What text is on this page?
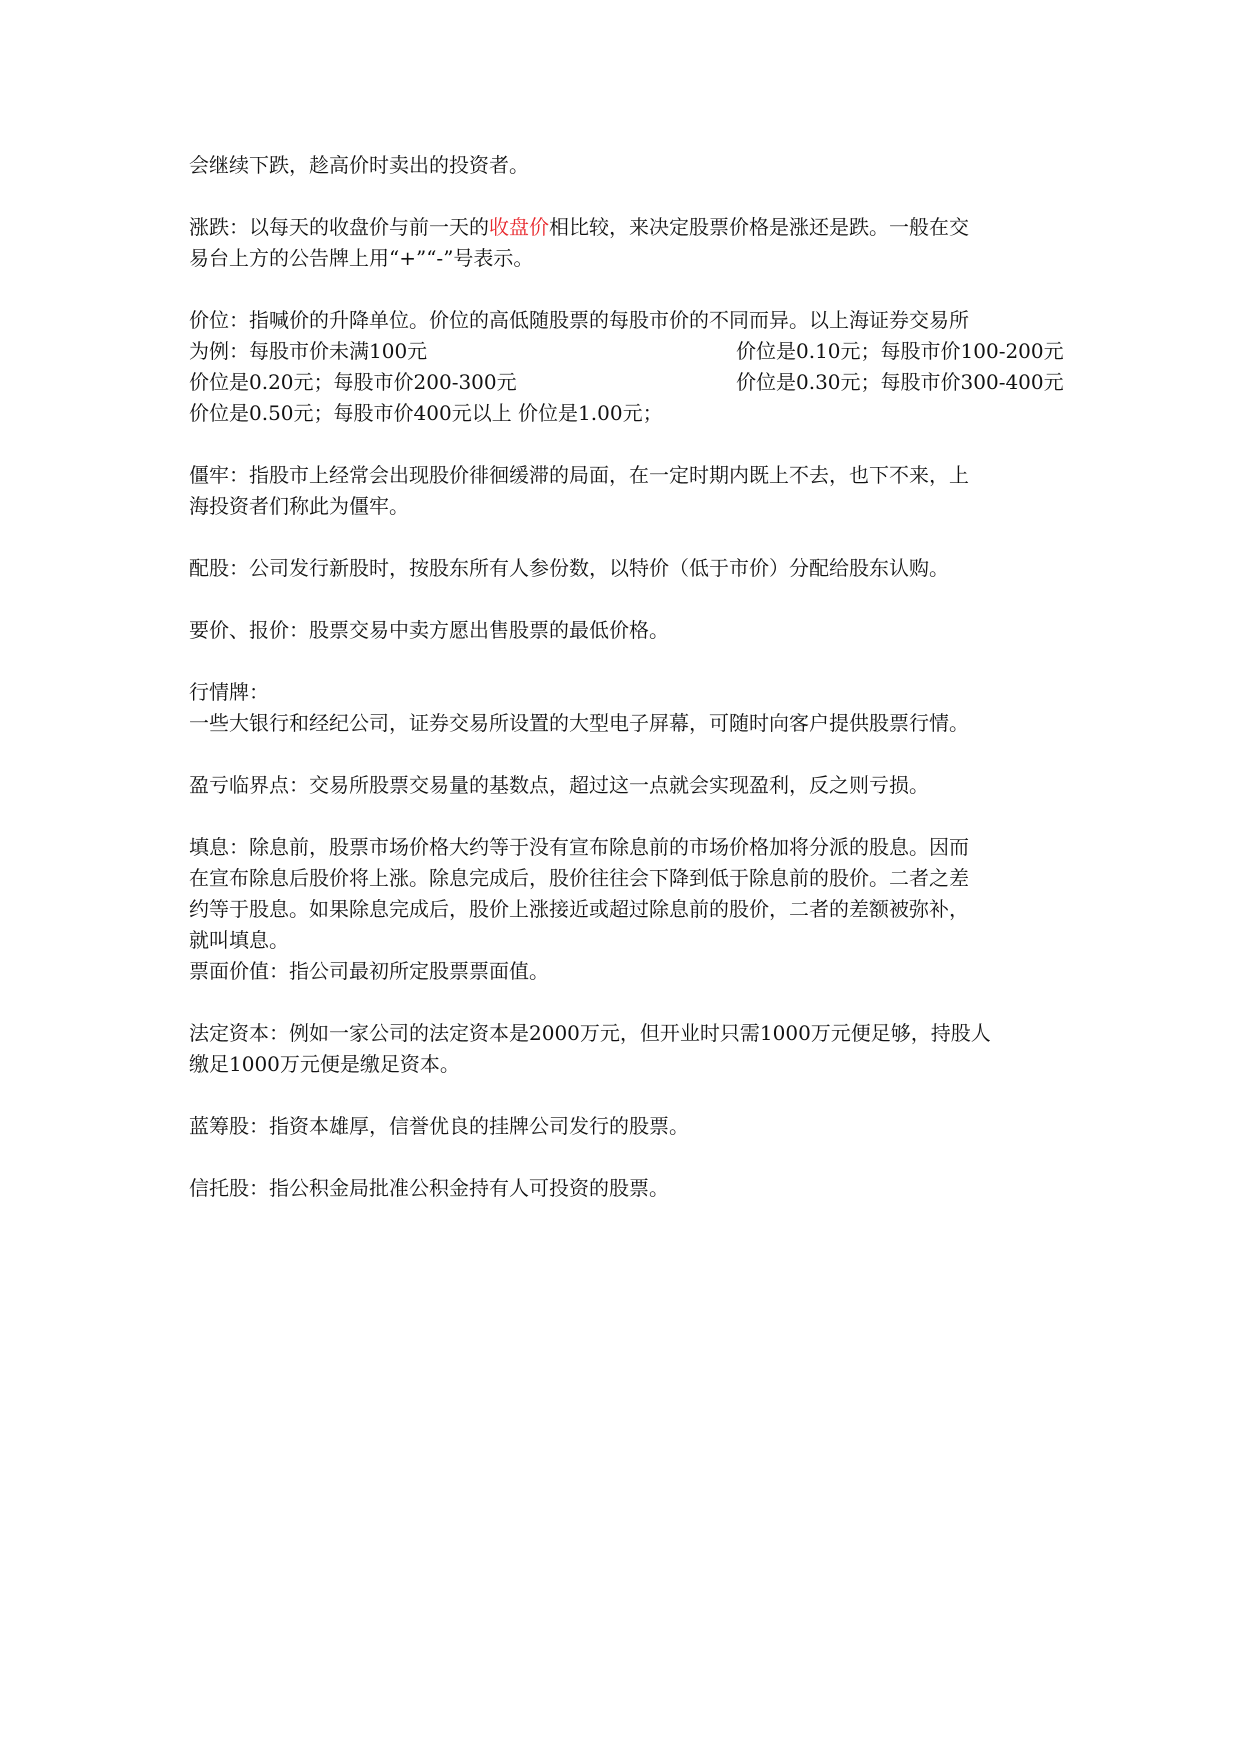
会继续下跌，趁高价时卖出的投资者。

涨跌：以每天的收盘价与前一天的收盘价相比较，来决定股票价格是涨还是跌。一般在交
易台上方的公告牌上用“+”“-”号表示。

价位：指喊价的升降单位。价位的高低随股票的每股市价的不同而异。以上海证券交易所
为例：每股市价未满100元	价位是0.10元；每股市价100-200元
价位是0.20元；每股市价200-300元	价位是0.30元；每股市价300-400元
价位是0.50元；每股市价400元以上 价位是1.00元；

僵牢：指股市上经常会出现股价徘徊缓滞的局面，在一定时期内既上不去，也下不来，上
海投资者们称此为僵牢。

配股：公司发行新股时，按股东所有人参份数，以特价（低于市价）分配给股东认购。

要价、报价：股票交易中卖方愿出售股票的最低价格。

行情牌：
一些大银行和经纪公司，证券交易所设置的大型电子屏幕，可随时向客户提供股票行情。

盈亏临界点：交易所股票交易量的基数点，超过这一点就会实现盈利，反之则亏损。

填息：除息前，股票市场价格大约等于没有宣布除息前的市场价格加将分派的股息。因而
在宣布除息后股价将上涨。除息完成后，股价往往会下降到低于除息前的股价。二者之差
约等于股息。如果除息完成后，股价上涨接近或超过除息前的股价，二者的差额被弥补，
就叫填息。

票面价值：指公司最初所定股票票面值。

法定资本：例如一家公司的法定资本是2000万元，但开业时只需1000万元便足够，持股人
缴足1000万元便是缴足资本。

蓝筹股：指资本雄厚，信誉优良的挂牌公司发行的股票。

信托股：指公积金局批准公积金持有人可投资的股票。
